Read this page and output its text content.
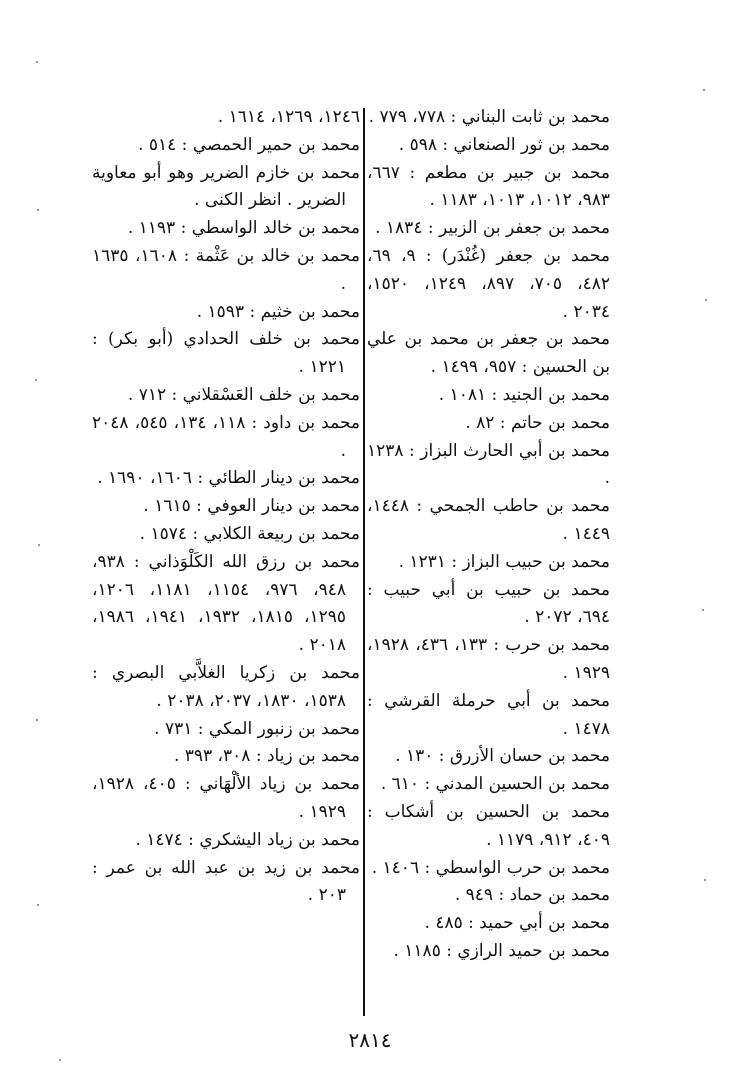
محمد بن ثابت البناني : ٧٧٨، ٧٧٩ .
محمد بن ثور الصنعاني : ٥٩٨ .
محمد بن جبير بن مطعم : ٦٦٧، ٩٨٣، ١٠١٢، ١٠١٣، ١١٨٣ .
محمد بن جعفر بن الزبير : ١٨٣٤ .
محمد بن جعفر (غُنْدَر) : ٩، ٦٩، ٤٨٢، ٧٠٥، ٨٩٧، ١٢٤٩، ١٥٢٠، ٢٠٣٤ .
محمد بن جعفر بن محمد بن علي بن الحسين : ٩٥٧، ١٤٩٩ .
محمد بن الجنيد : ١٠٨١ .
محمد بن حاتم : ٨٢ .
محمد بن أبي الحارث البزاز : ١٢٣٨ .
محمد بن حاطب الجمحي : ١٤٤٨، ١٤٤٩ .
محمد بن حبيب البزاز : ١٢٣١ .
محمد بن حبيب بن أبي حبيب : ٦٩٤، ٢٠٧٢ .
محمد بن حرب : ١٣٣، ٤٣٦، ١٩٢٨، ١٩٢٩ .
محمد بن أبي حرملة القرشي : ١٤٧٨ .
محمد بن حسان الأزرق : ١٣٠ .
محمد بن الحسين المدني : ٦١٠ .
محمد بن الحسين بن أشكاب : ٤٠٩، ٩١٢، ١١٧٩ .
محمد بن حرب الواسطي : ١٤٠٦ .
محمد بن حماد : ٩٤٩ .
محمد بن أبي حميد : ٤٨٥ .
محمد بن حميد الرازي : ١١٨٥ .
١٢٤٦، ١٢٦٩، ١٦١٤ .
محمد بن حمير الحمصي : ٥١٤ .
محمد بن خازم الضرير وهو أبو معاوية الضرير . انظر الكنى .
محمد بن خالد الواسطي : ١١٩٣ .
محمد بن خالد بن عَثْمة : ١٦٠٨، ١٦٣٥ .
محمد بن خثيم : ١٥٩٣ .
محمد بن خلف الحدادي (أبو بكر) : ١٢٢١ .
محمد بن خلف العَسْقلاني : ٧١٢ .
محمد بن داود : ١١٨، ١٣٤، ٥٤٥، ٢٠٤٨ .
محمد بن دينار الطائي : ١٦٠٦، ١٦٩٠ .
محمد بن دينار العوفي : ١٦١٥ .
محمد بن ربيعة الكلابي : ١٥٧٤ .
محمد بن رزق الله الكَلْوَذاني : ٩٣٨، ٩٤٨، ٩٧٦، ١١٥٤، ١١٨١، ١٢٠٦، ١٢٩٥، ١٨١٥، ١٩٣٢، ١٩٤١، ١٩٨٦، ٢٠١٨ .
محمد بن زكريا الغلاَّبي البصري : ١٥٣٨، ١٨٣٠، ٢٠٣٧، ٢٠٣٨ .
محمد بن زنبور المكي : ٧٣١ .
محمد بن زياد : ٣٠٨، ٣٩٣ .
محمد بن زياد الألْهَاني : ٤٠٥، ١٩٢٨، ١٩٢٩ .
محمد بن زياد اليشكري : ١٤٧٤ .
محمد بن زيد بن عبد الله بن عمر : ٢٠٣ .
٢٨١٤
